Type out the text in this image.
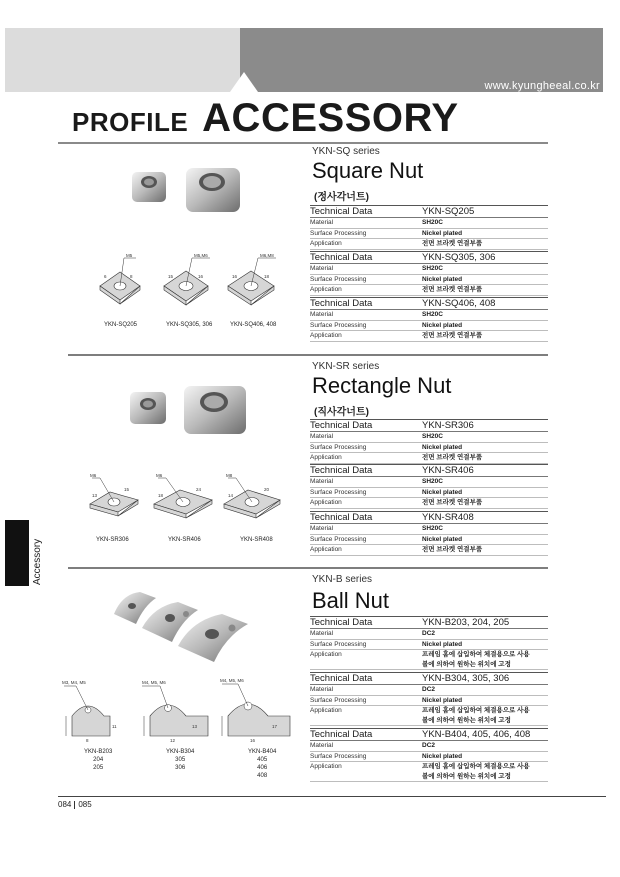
www.kyungheeal.co.kr
PROFILE ACCESSORY
Accessory
YKN-SQ series
Square Nut
(정사각너트)
M5	M5,M6	M6,M8
6	8	15	16	16	18
YKN-SQ205	YKN-SQ305, 306	YKN-SQ406, 408
Technical Data	YKN-SQ205
Material	SH20C
Surface Processing	Nickel plated
Application	전면 브라켓 연결부품
Technical Data	YKN-SQ305, 306
Material	SH20C
Surface Processing	Nickel plated
Application	전면 브라켓 연결부품
Technical Data	YKN-SQ406, 408
Material	SH20C
Surface Processing	Nickel plated
Application	전면 브라켓 연결부품
YKN-SR series
Rectangle Nut
(직사각너트)
M6	M6	M8
13
15
18
24
14
20
YKN-SR306	YKN-SR406	YKN-SR408
Technical Data	YKN-SR306
Material	SH20C
Surface Processing	Nickel plated
Application	전면 브라켓 연결부품
Technical Data	YKN-SR406
Material	SH20C
Surface Processing	Nickel plated
Application	전면 브라켓 연결부품
Technical Data	YKN-SR408
Material	SH20C
Surface Processing	Nickel plated
Application	전면 브라켓 연결부품
YKN-B series
Ball Nut
M3, M4, M5	M4, M5, M6	M4, M5, M6
8
11
12
13
16
17
YKN-B203
204
205
YKN-B304
305
306
YKN-B404
405
406
408
Technical Data	YKN-B203, 204, 205
Material	DC2
Surface Processing	Nickel plated
Application	프레임 홈에 삽입하여 체결용으로 사용
볼에 의하여 원하는 위치에 고정
Technical Data	YKN-B304, 305, 306
Material	DC2
Surface Processing	Nickel plated
Application	프레임 홈에 삽입하여 체결용으로 사용
볼에 의하여 원하는 위치에 고정
Technical Data	YKN-B404, 405, 406, 408
Material	DC2
Surface Processing	Nickel plated
Application	프레임 홈에 삽입하여 체결용으로 사용
볼에 의하여 원하는 위치에 고정
084 085
